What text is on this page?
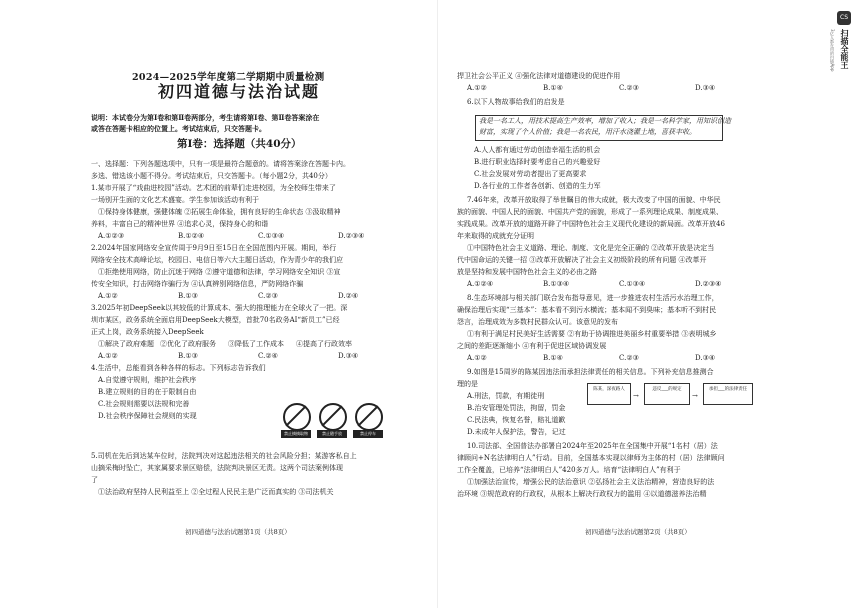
2024—2025学年度第二学期期中质量检测
初四道德与法治试题
说明：本试卷分为第Ⅰ卷和第Ⅱ卷两部分，考生请将第Ⅰ卷、第Ⅱ卷答案涂在
或答在答题卡相应的位置上。考试结束后，只交答题卡。
第Ⅰ卷：选择题（共40分）
一、选择题：下列各题选项中，只有一项是最符合题意的。请将答案涂在答题卡内。
多选、错选该小题不得分。考试结束后，只交答题卡。（每小题2分，共40分）
1.某市开展了“戏曲进校园”活动。艺术团的前辈们走进校园，为全校师生带来了
一场别开生面的文化艺术盛宴。学生参加该活动有利于
①保持身体健康，强健体魄 ②拓展生命体验，拥有良好的生命状态 ③汲取精神
养料，丰富自己的精神世界 ④追求心灵，保持身心的和谐
A.①②③	B.①②④	C.①③④	D.②③④
2.2024年国家网络安全宣传周于9月9日至15日在全国范围内开展。期间，举行
网络安全技术高峰论坛，校园日、电信日等六大主题日活动，作为青少年的我们应
①拒绝使用网络，防止沉迷于网络 ②遵守道德和法律，学习网络安全知识 ③宣
传安全知识，打击网络诈骗行为 ④认真辨别网络信息，严防网络诈骗
A.①②	B.①③	C.②③	D.②④
3.2025年初DeepSeek以其较低的计算成本、强大的推理能力在全球火了一把。深
圳市某区，政务系统全面启用DeepSeek大模型，首批70名政务AI“新员工”已经
正式上岗，政务系统接入DeepSeek
①解决了政府难题 ②优化了政府服务 ③降低了工作成本 ④提高了行政效率
A.①②	B.①③	C.②④	D.③④
4.生活中，总能看到各种各样的标志。下列标志告诉我们
A.自觉遵守规则，维护社会秩序
B.建立规则的目的在于限制自由
C.社会规则需要以法规和完善
D.社会秩序保障社会规则的实现
禁止摘摘取物	禁止随手放	禁止停车
5.司机在先后到达某车位时，法院判决对这起违法相关的社会风险分担；某游客私自上
山摘采梅时坠亡，其家属要求景区赔偿，法院判决景区无责。这两个司法案例体现
了
①法治政府坚持人民利益至上 ②全过程人民民主是广泛而真实的 ③司法机关
初四道德与法治试题第1页（共8页）
捍卫社会公平正义 ④强化法律对道德建设的促进作用
A.①②	B.①④	C.②③	D.③④
6.以下人物故事给我们的启发是
我是一名工人，用技术提高生产效率，增加了收入；我是一名科学家，用知识创造
财富，实现了个人价值；我是一名农民，用汗水浇灌土地，喜获丰收。
A.人人都有通过劳动创造幸福生活的机会
B.进行职业选择时要考虑自己的兴趣爱好
C.社会发展对劳动者提出了更高要求
D.各行业的工作者各创新、创造的生力军
7.46年来，改革开放取得了举世瞩目的伟大成就，极大改变了中国的面貌、中华民
族的面貌、中国人民的面貌、中国共产党的面貌，形成了一系列理论成果、制度成果、
实践成果。改革开放的道路开辟了中国特色社会主义现代化建设的新局面。改革开放46
年来取得的成就充分证明
①中国特色社会主义道路、理论、制度、文化是完全正确的 ②改革开放是决定当
代中国命运的关键一招 ③改革开放解决了社会主义初级阶段的所有问题 ④改革开
放是坚持和发展中国特色社会主义的必由之路
A.①②④	B.①③④	C.①③④	D.②③④
8.生态环境部与相关部门联合发布指导意见，进一步推进农村生活污水治理工作，
确保治理后实现“三基本”：基本看不到污水横流；基本闻不到臭味；基本听不到村民
怨言，治理成效为多数村民群众认可。该意见的发布
①有利于满足村民美好生活需要 ②有助于协调推进美丽乡村重要举措 ③表明城乡
之间的差距逐渐缩小 ④有利于促进区域协调发展
A.①②	B.①④	C.②③	D.③④
9.如图是15周岁的陈某因违法而承担法律责任的相关信息。下列补充信息推测合
理的是
A.刑法，罚款，有期徒刑
B.治安管理处罚法，拘留，罚金
C.民法典，恢复名誉，赔礼道歉
D.未成年人保护法，警告，记过
陈某，深夜路人
→
违反___的规定
→
承担___的法律责任
10.司法部、全国普法办部署自2024年至2025年在全国集中开展“1名村（居）法
律顾问+N名法律明白人”行动。目前，全国基本实现以律师为主体的村（居）法律顾问
工作全覆盖，已培养“法律明白人”420多万人。培育“法律明白人”有利于
①加强法治宣传，增强公民的法治意识 ②弘扬社会主义法治精神，营造良好的法
治环境 ③规范政府的行政权，从根本上解决行政权力的滥用 ④以道德滋养法治精
初四道德与法治试题第2页（共8页）
CS
扫描全能王
3亿人都在用的扫描App
